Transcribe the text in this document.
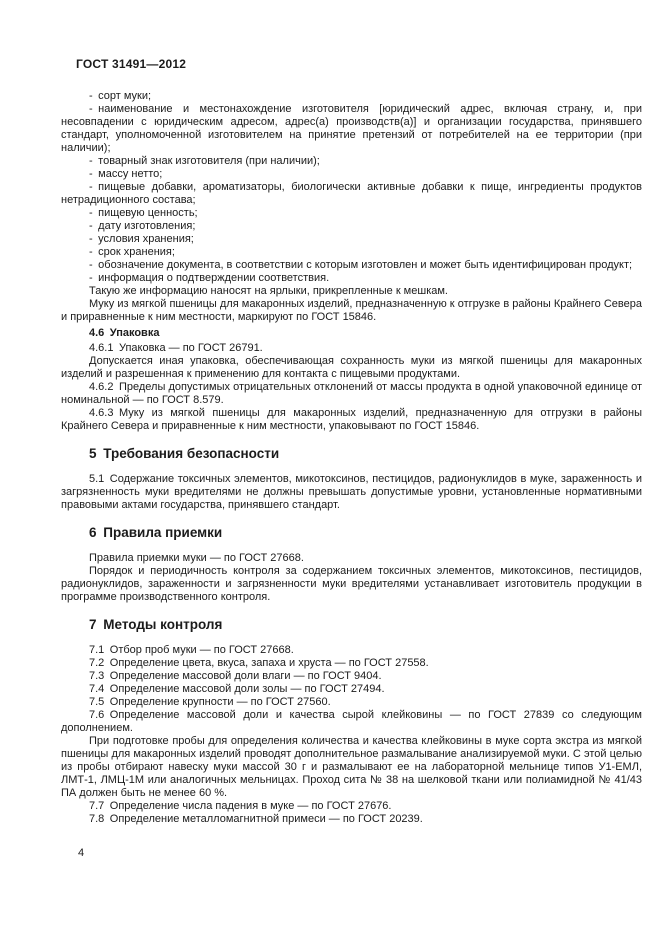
ГОСТ 31491—2012

- сорт муки;

- наименование и местонахождение изготовителя [юридический адрес, включая страну, и, при несовпадении с юридическим адресом, адрес(а) производств(а)] и организации государства, принявшего стандарт, уполномоченной изготовителем на принятие претензий от потребителей на ее территории (при наличии);

- товарный знак изготовителя (при наличии);

- массу нетто;

- пищевые добавки, ароматизаторы, биологически активные добавки к пище, ингредиенты продуктов нетрадиционного состава;

- пищевую ценность;

- дату изготовления;

- условия хранения;

- срок хранения;

- обозначение документа, в соответствии с которым изготовлен и может быть идентифицирован продукт;

- информация о подтверждении соответствия.

Такую же информацию наносят на ярлыки, прикрепленные к мешкам.

Муку из мягкой пшеницы для макаронных изделий, предназначенную к отгрузке в районы Крайнего Севера и приравненные к ним местности, маркируют по ГОСТ 15846.

4.6 Упаковка

4.6.1 Упаковка — по ГОСТ 26791.

Допускается иная упаковка, обеспечивающая сохранность муки из мягкой пшеницы для макаронных изделий и разрешенная к применению для контакта с пищевыми продуктами.

4.6.2 Пределы допустимых отрицательных отклонений от массы продукта в одной упаковочной единице от номинальной — по ГОСТ 8.579.

4.6.3 Муку из мягкой пшеницы для макаронных изделий, предназначенную для отгрузки в районы Крайнего Севера и приравненные к ним местности, упаковывают по ГОСТ 15846.

5 Требования безопасности

5.1 Содержание токсичных элементов, микотоксинов, пестицидов, радионуклидов в муке, зараженность и загрязненность муки вредителями не должны превышать допустимые уровни, установленные нормативными правовыми актами государства, принявшего стандарт.

6 Правила приемки

Правила приемки муки — по ГОСТ 27668.

Порядок и периодичность контроля за содержанием токсичных элементов, микотоксинов, пестицидов, радионуклидов, зараженности и загрязненности муки вредителями устанавливает изготовитель продукции в программе производственного контроля.

7 Методы контроля

7.1 Отбор проб муки — по ГОСТ 27668.

7.2 Определение цвета, вкуса, запаха и хруста — по ГОСТ 27558.

7.3 Определение массовой доли влаги — по ГОСТ 9404.

7.4 Определение массовой доли золы — по ГОСТ 27494.

7.5 Определение крупности — по ГОСТ 27560.

7.6 Определение массовой доли и качества сырой клейковины — по ГОСТ 27839 со следующим дополнением.

При подготовке пробы для определения количества и качества клейковины в муке сорта экстра из мягкой пшеницы для макаронных изделий проводят дополнительное размалывание анализируемой муки. С этой целью из пробы отбирают навеску муки массой 30 г и размалывают ее на лабораторной мельнице типов У1-ЕМЛ, ЛМТ-1, ЛМЦ-1М или аналогичных мельницах. Проход сита № 38 на шелковой ткани или полиамидной № 41/43 ПА должен быть не менее 60 %.

7.7 Определение числа падения в муке — по ГОСТ 27676.

7.8 Определение металломагнитной примеси — по ГОСТ 20239.

4
